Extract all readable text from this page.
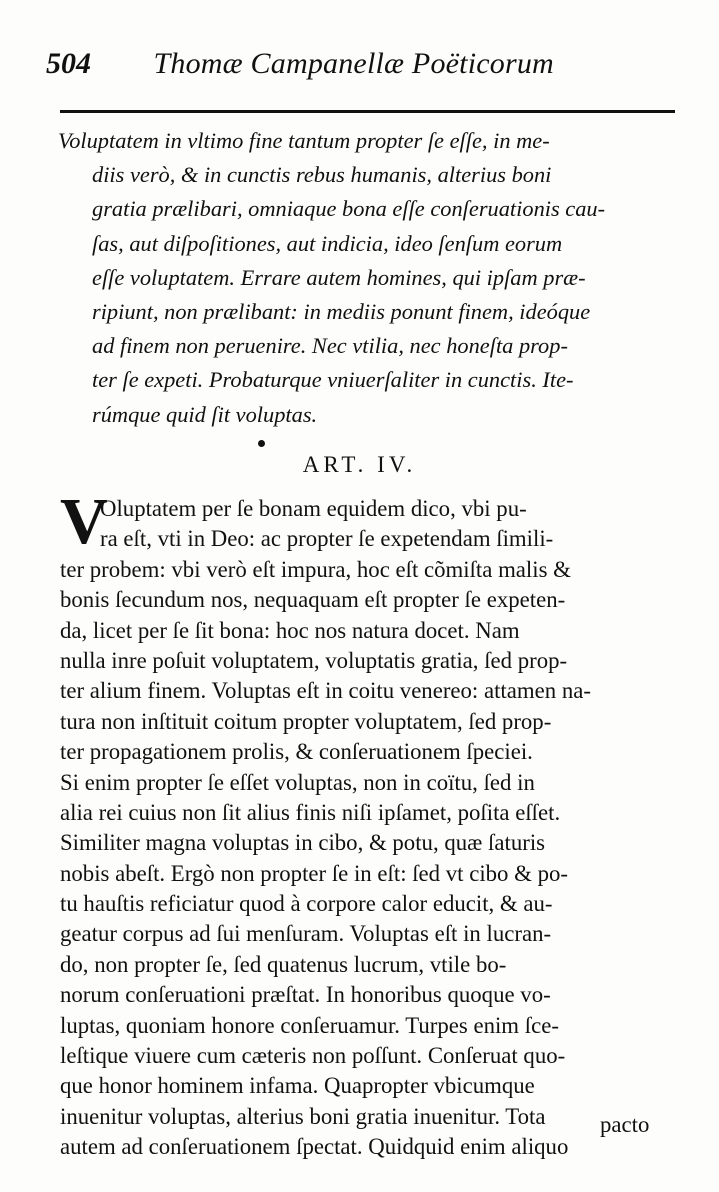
504 Thomæ Campanellæ Poëticorum
Voluptatem in vltimo fine tantum propter ſe eſſe, in me-
diis verò, & in cunctis rebus humanis, alterius boni
gratia prælibari, omniaque bona eſſe conſeruationis cau-
ſas, aut diſpoſitiones, aut indicia, ideo ſenſum eorum
eſſe voluptatem. Errare autem homines, qui ipſam præ-
ripiunt, non prælibant: in mediis ponunt finem, ideóque
ad finem non peruenire. Nec vtilia, nec honeſta prop-
ter ſe expeti. Probaturque vniuerſaliter in cunctis. Ite-
rúmque quid ſit voluptas.
ART. IV.
V
Oluptatem per ſe bonam equidem dico, vbi pu-
ra eſt, vti in Deo: ac propter ſe expetendam ſimili-
ter probem: vbi verò eſt impura, hoc eſt cõmiſta malis &
bonis ſecundum nos, nequaquam eſt propter ſe expeten-
da, licet per ſe ſit bona: hoc nos natura docet. Nam
nulla inre poſuit voluptatem, voluptatis gratia, ſed prop-
ter alium finem. Voluptas eſt in coitu venereo: attamen na-
tura non inſtituit coitum propter voluptatem, ſed prop-
ter propagationem prolis, & conſeruationem ſpeciei.
Si enim propter ſe eſſet voluptas, non in coïtu, ſed in
alia rei cuius non ſit alius finis niſi ipſamet, poſita eſſet.
Similiter magna voluptas in cibo, & potu, quæ ſaturis
nobis abeſt. Ergò non propter ſe in eſt: ſed vt cibo & po-
tu hauſtis reficiatur quod à corpore calor educit, & au-
geatur corpus ad ſui menſuram. Voluptas eſt in lucran-
do, non propter ſe, ſed quatenus lucrum, vtile bo-
norum conſeruationi præſtat. In honoribus quoque vo-
luptas, quoniam honore conſeruamur. Turpes enim ſce-
leſtique viuere cum cæteris non poſſunt. Conſeruat quo-
que honor hominem infama. Quapropter vbicumque
inuenitur voluptas, alterius boni gratia inuenitur. Tota
autem ad conſeruationem ſpectat. Quidquid enim aliquo
pacto
